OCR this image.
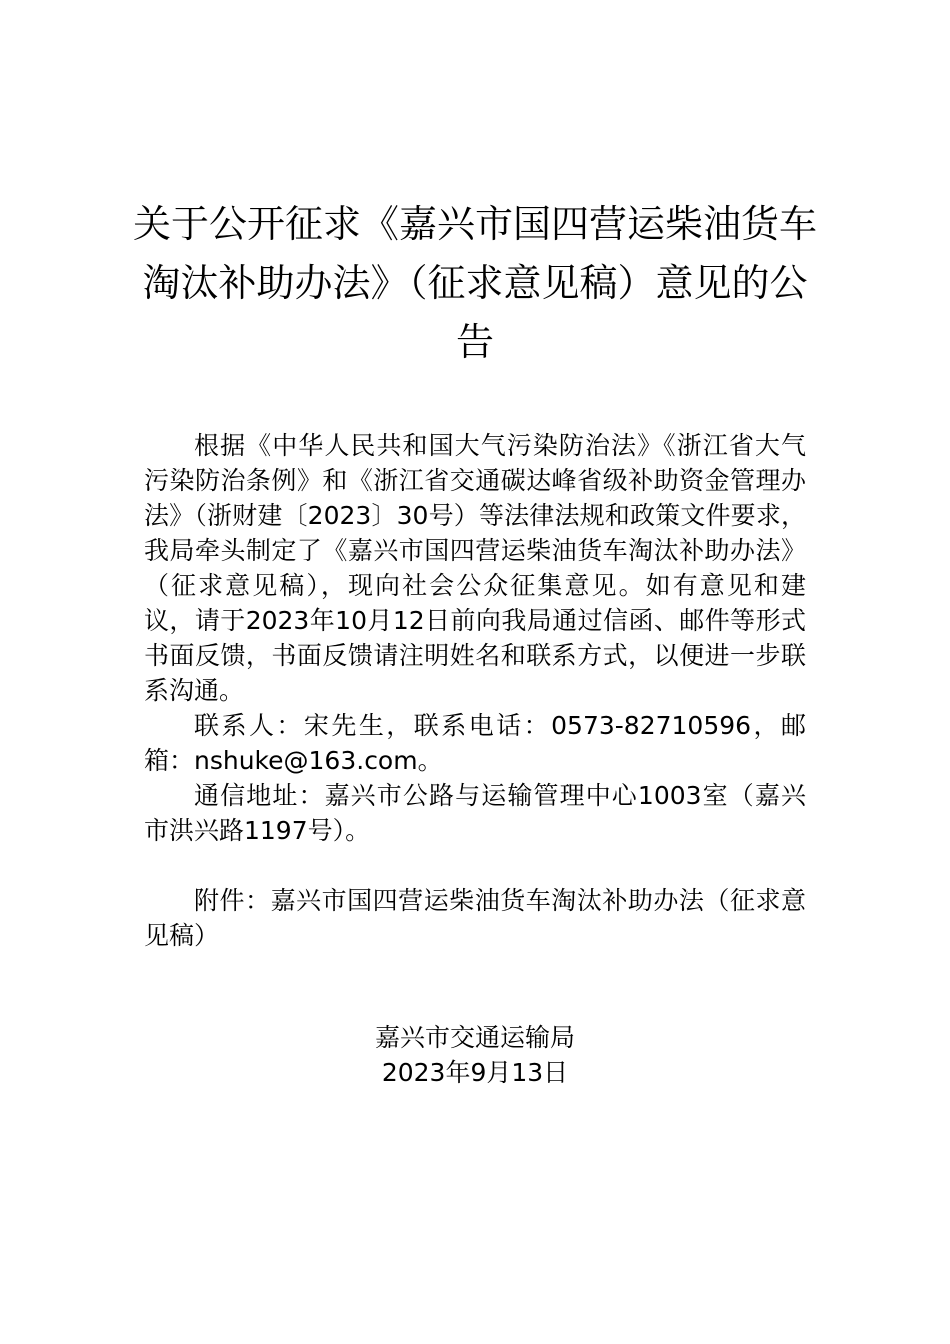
关于公开征求《嘉兴市国四营运柴油货车
淘汰补助办法》（征求意见稿）意见的公
告

根据《中华人民共和国大气污染防治法》《浙江省大气污染防治条例》和《浙江省交通碳达峰省级补助资金管理办法》（浙财建〔2023〕30号）等法律法规和政策文件要求，我局牵头制定了《嘉兴市国四营运柴油货车淘汰补助办法》（征求意见稿），现向社会公众征集意见。如有意见和建议，请于2023年10月12日前向我局通过信函、邮件等形式书面反馈，书面反馈请注明姓名和联系方式，以便进一步联系沟通。

联系人：宋先生，联系电话：0573-82710596，邮箱：nshuke@163.com。

通信地址：嘉兴市公路与运输管理中心1003室（嘉兴市洪兴路1197号）。

附件：嘉兴市国四营运柴油货车淘汰补助办法（征求意见稿）

嘉兴市交通运输局
2023年9月13日
